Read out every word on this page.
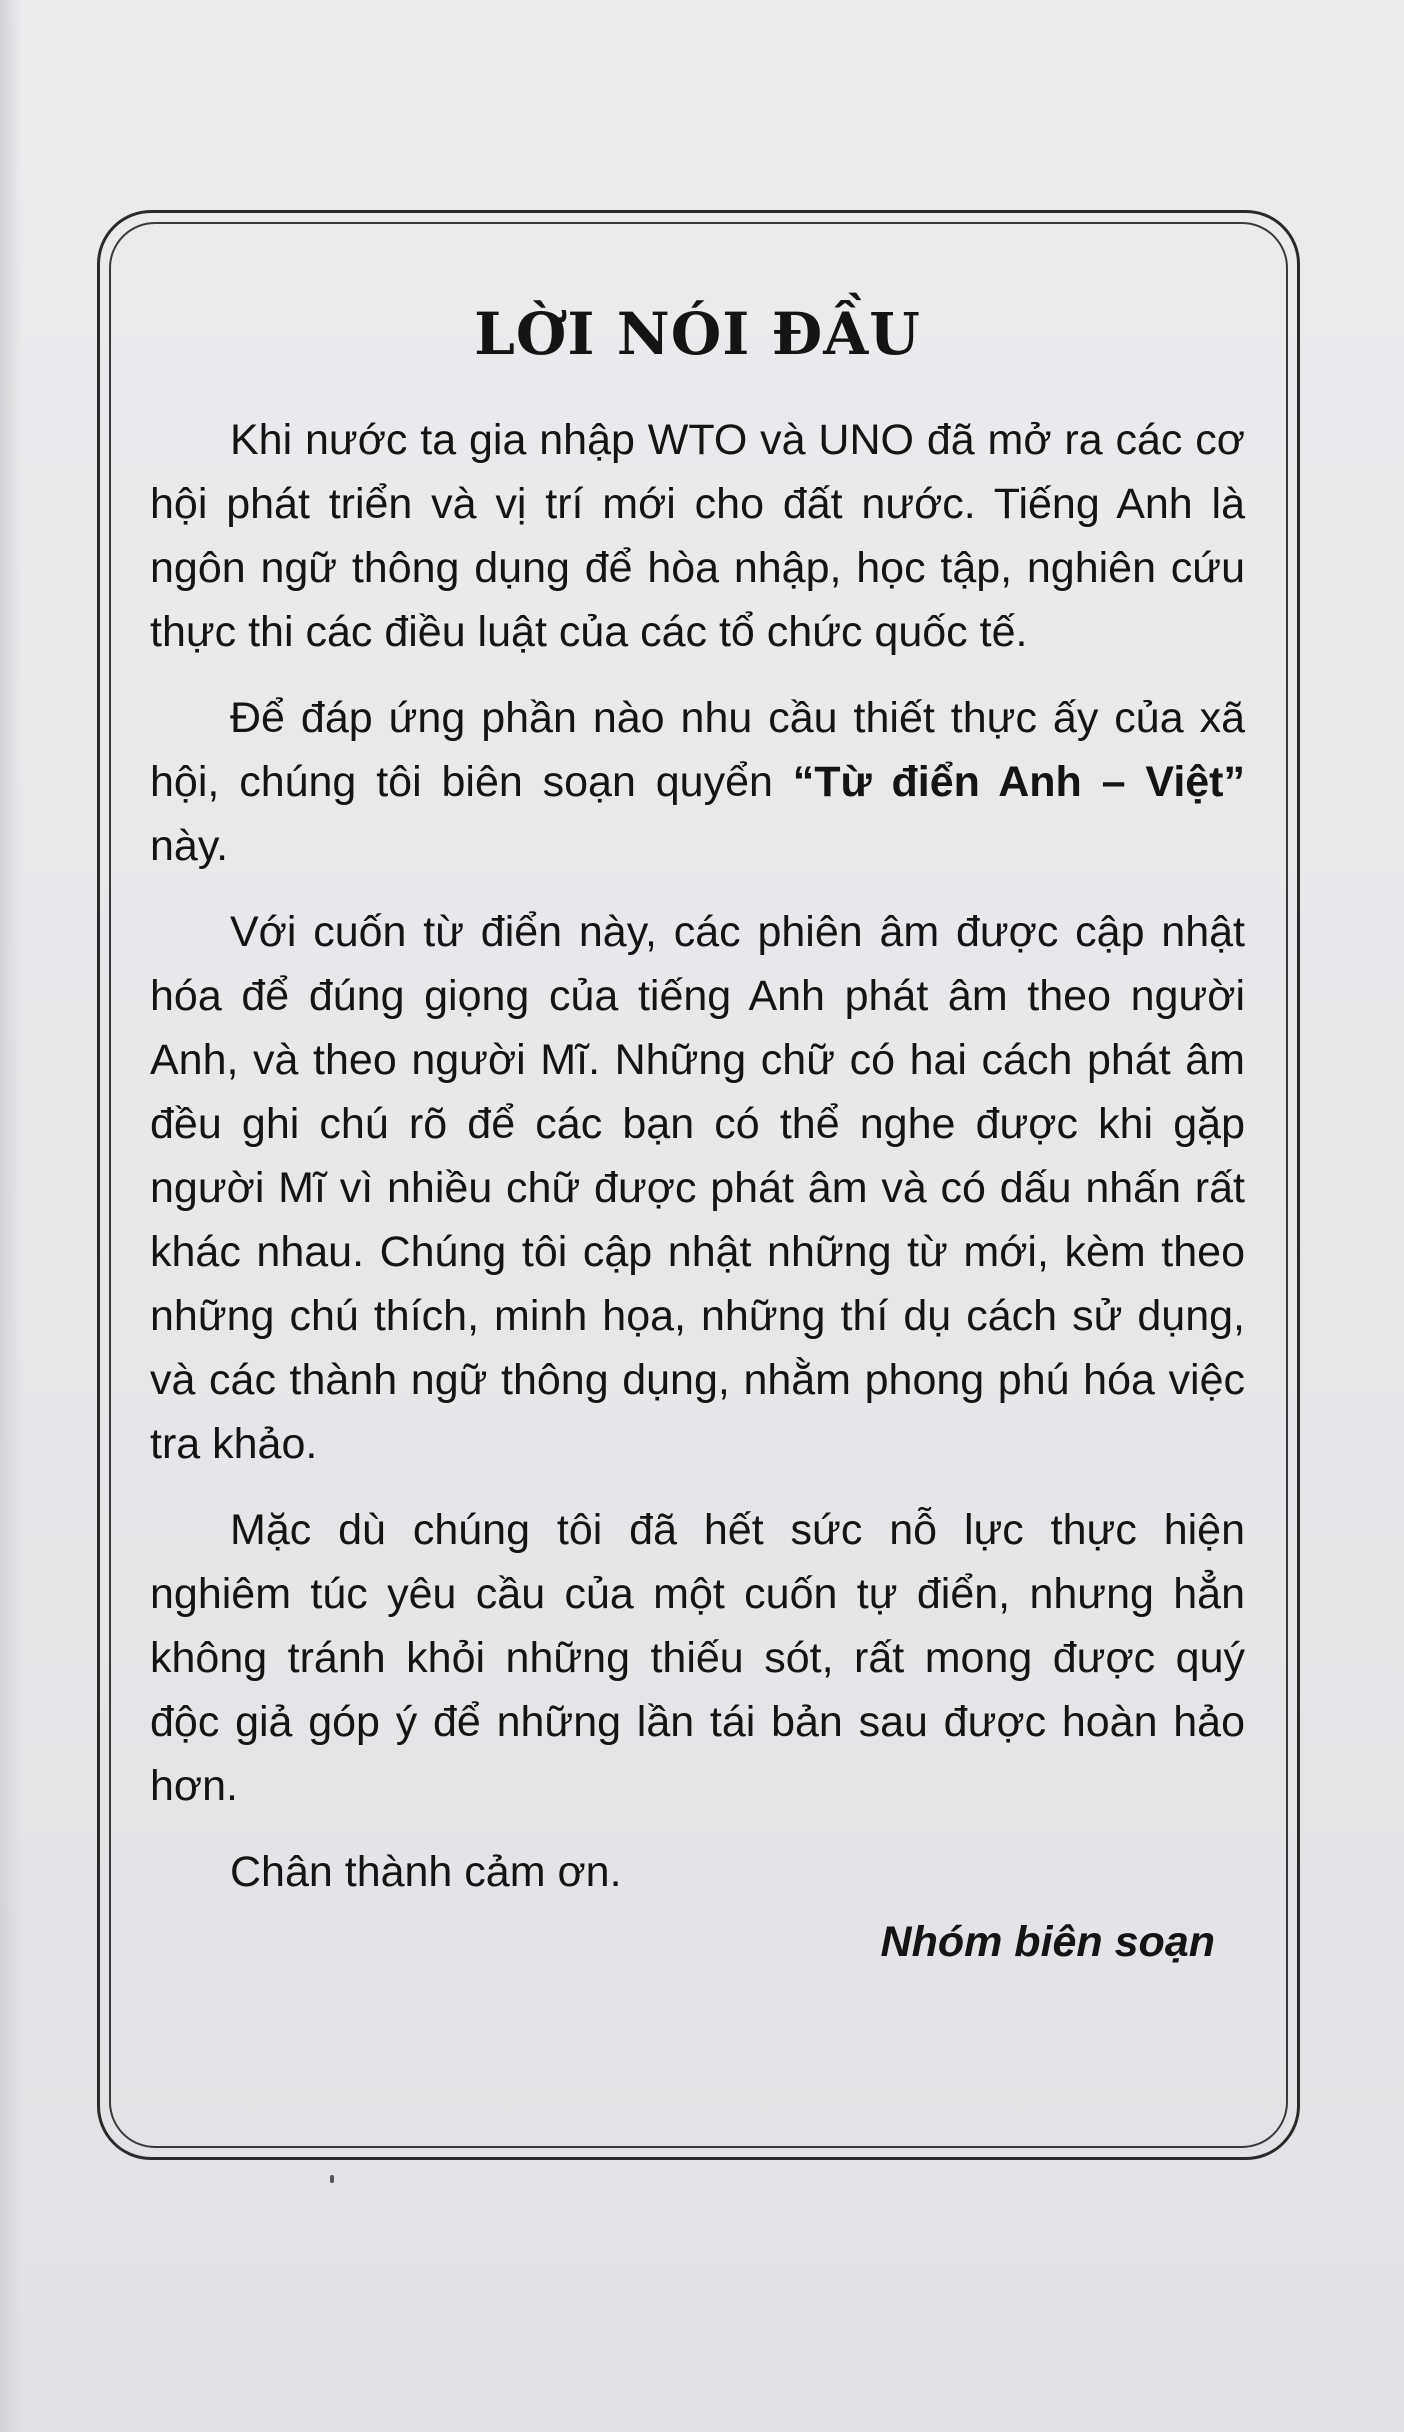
LỜI NÓI ĐẦU

Khi nước ta gia nhập WTO và UNO đã mở ra các cơ hội phát triển và vị trí mới cho đất nước. Tiếng Anh là ngôn ngữ thông dụng để hòa nhập, học tập, nghiên cứu thực thi các điều luật của các tổ chức quốc tế.

Để đáp ứng phần nào nhu cầu thiết thực ấy của xã hội, chúng tôi biên soạn quyển “Từ điển Anh – Việt” này.

Với cuốn từ điển này, các phiên âm được cập nhật hóa để đúng giọng của tiếng Anh phát âm theo người Anh, và theo người Mĩ. Những chữ có hai cách phát âm đều ghi chú rõ để các bạn có thể nghe được khi gặp người Mĩ vì nhiều chữ được phát âm và có dấu nhấn rất khác nhau. Chúng tôi cập nhật những từ mới, kèm theo những chú thích, minh họa, những thí dụ cách sử dụng, và các thành ngữ thông dụng, nhằm phong phú hóa việc tra khảo.

Mặc dù chúng tôi đã hết sức nỗ lực thực hiện nghiêm túc yêu cầu của một cuốn tự điển, nhưng hẳn không tránh khỏi những thiếu sót, rất mong được quý độc giả góp ý để những lần tái bản sau được hoàn hảo hơn.

Chân thành cảm ơn.

Nhóm biên soạn
